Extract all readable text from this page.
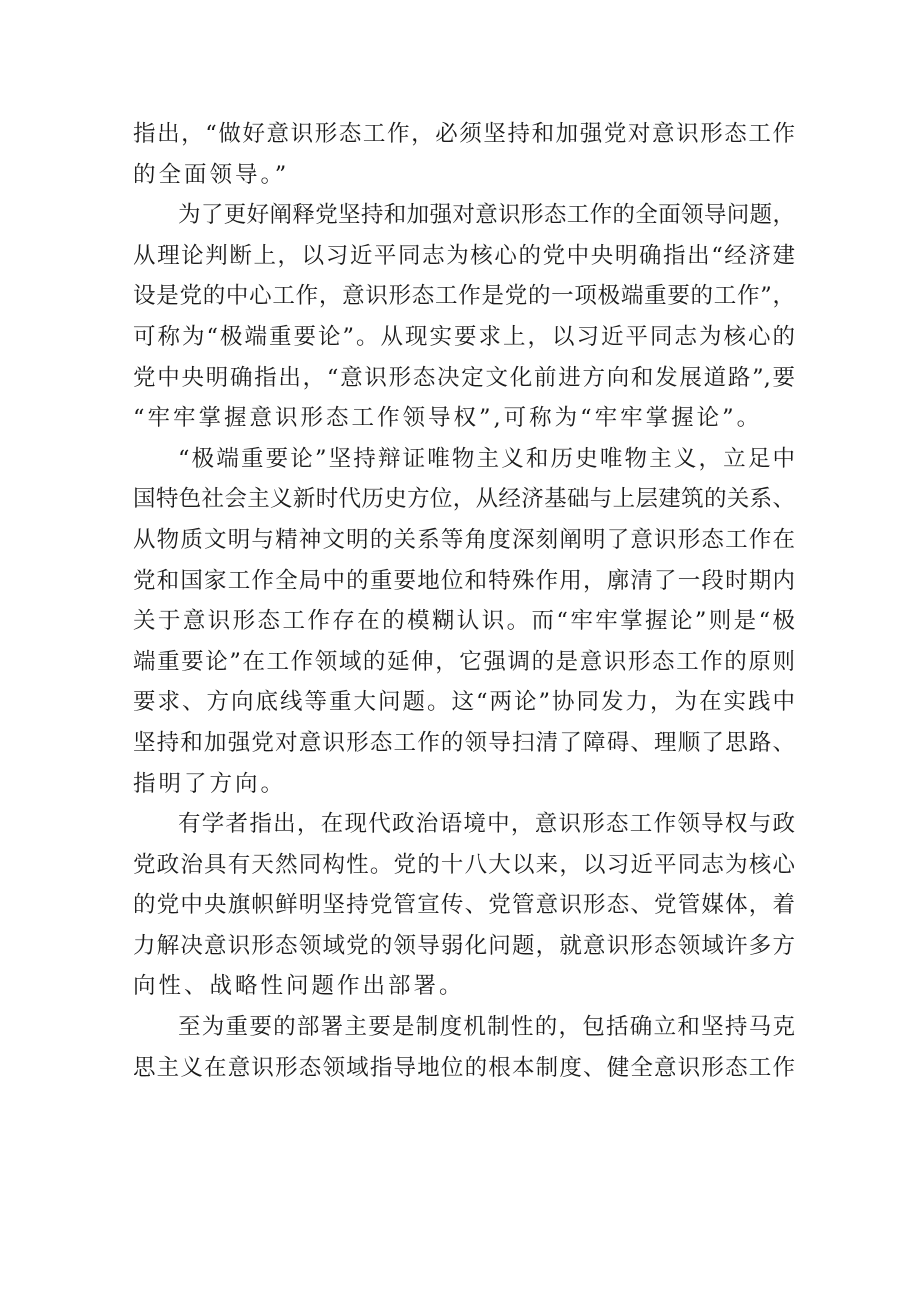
指出，“做好意识形态工作，必须坚持和加强党对意识形态工作
的全面领导。”
为了更好阐释党坚持和加强对意识形态工作的全面领导问题，
从理论判断上，以习近平同志为核心的党中央明确指出“经济建
设是党的中心工作，意识形态工作是党的一项极端重要的工作”，
可称为“极端重要论”。从现实要求上，以习近平同志为核心的
党中央明确指出，“意识形态决定文化前进方向和发展道路”,要
“牢牢掌握意识形态工作领导权”,可称为“牢牢掌握论”。
“极端重要论”坚持辩证唯物主义和历史唯物主义，立足中
国特色社会主义新时代历史方位，从经济基础与上层建筑的关系、
从物质文明与精神文明的关系等角度深刻阐明了意识形态工作在
党和国家工作全局中的重要地位和特殊作用，廓清了一段时期内
关于意识形态工作存在的模糊认识。而“牢牢掌握论”则是“极
端重要论”在工作领域的延伸，它强调的是意识形态工作的原则
要求、方向底线等重大问题。这“两论”协同发力，为在实践中
坚持和加强党对意识形态工作的领导扫清了障碍、理顺了思路、
指明了方向。
有学者指出，在现代政治语境中，意识形态工作领导权与政
党政治具有天然同构性。党的十八大以来，以习近平同志为核心
的党中央旗帜鲜明坚持党管宣传、党管意识形态、党管媒体，着
力解决意识形态领域党的领导弱化问题，就意识形态领域许多方
向性、战略性问题作出部署。
至为重要的部署主要是制度机制性的，包括确立和坚持马克
思主义在意识形态领域指导地位的根本制度、健全意识形态工作
